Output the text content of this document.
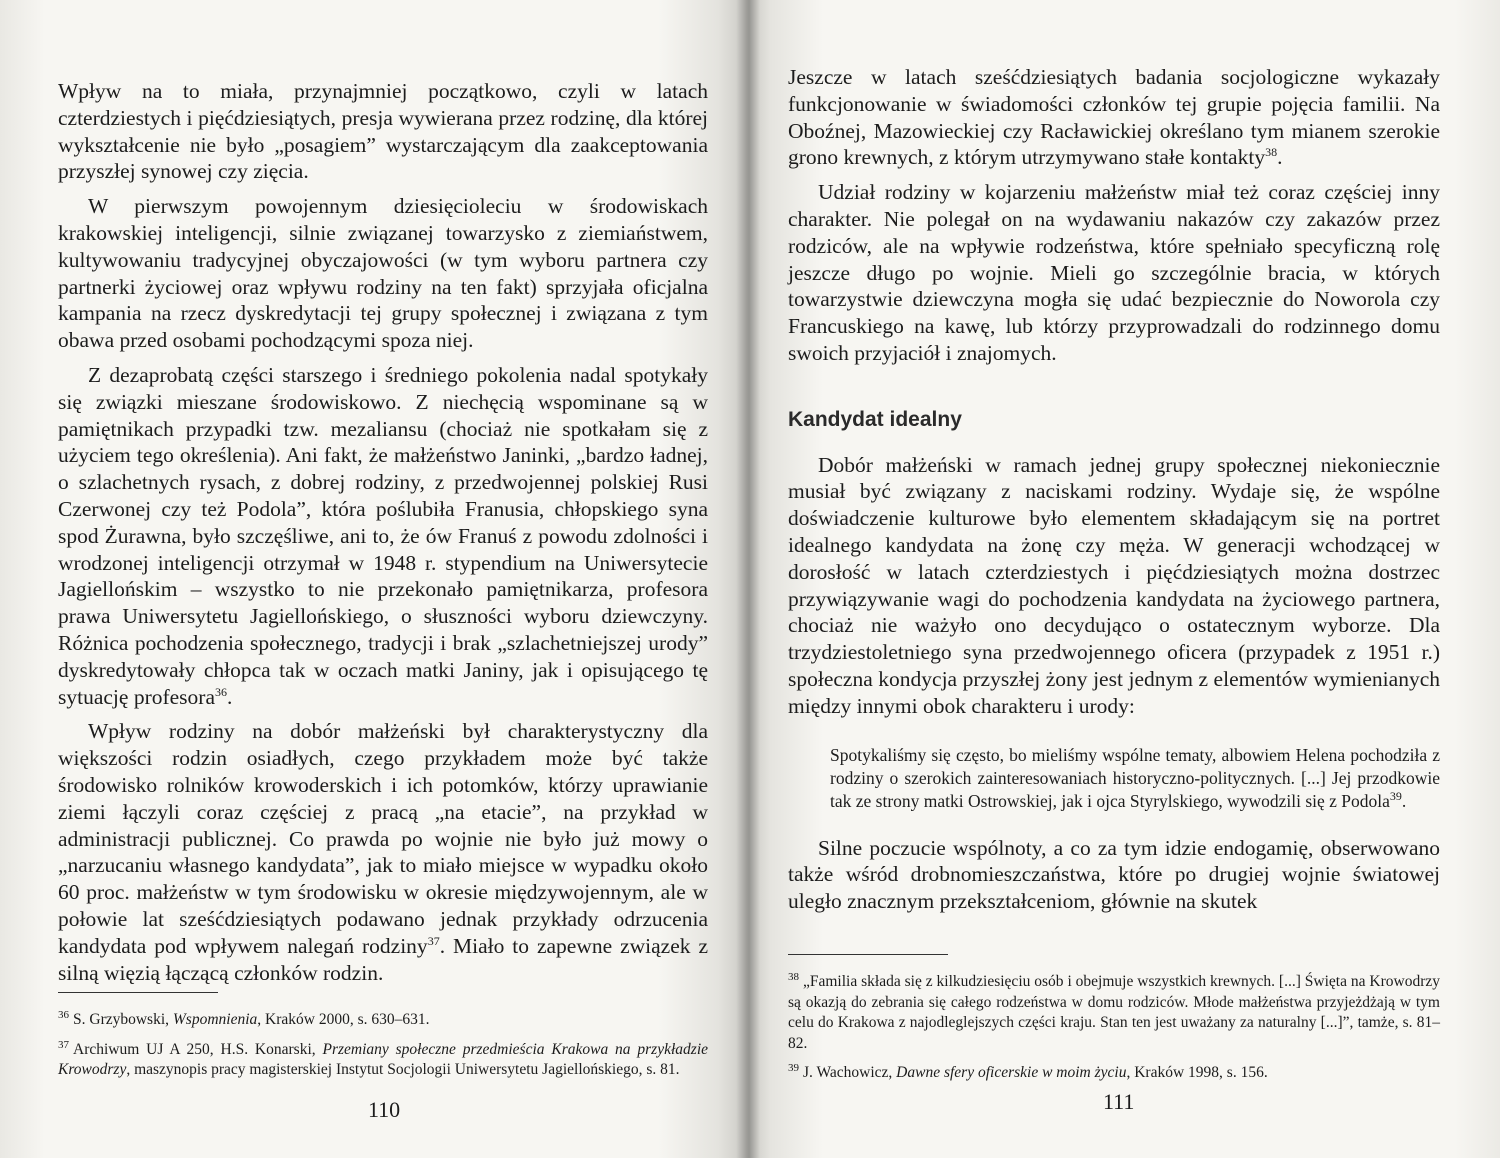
Wpływ na to miała, przynajmniej początkowo, czyli w latach czterdziestych i pięćdziesiątych, presja wywierana przez rodzinę, dla której wykształcenie nie było „posagiem” wystarczającym dla zaakceptowania przyszłej synowej czy zięcia.

W pierwszym powojennym dziesięcioleciu w środowiskach krakowskiej inteligencji, silnie związanej towarzysko z ziemiaństwem, kultywowaniu tradycyjnej obyczajowości (w tym wyboru partnera czy partnerki życiowej oraz wpływu rodziny na ten fakt) sprzyjała oficjalna kampania na rzecz dyskredytacji tej grupy społecznej i związana z tym obawa przed osobami pochodzącymi spoza niej.

Z dezaprobatą części starszego i średniego pokolenia nadal spotykały się związki mieszane środowiskowo. Z niechęcią wspominane są w pamiętnikach przypadki tzw. mezaliansu (chociaż nie spotkałam się z użyciem tego określenia). Ani fakt, że małżeństwo Janinki, „bardzo ładnej, o szlachetnych rysach, z dobrej rodziny, z przedwojennej polskiej Rusi Czerwonej czy też Podola”, która poślubiła Franusia, chłopskiego syna spod Żurawna, było szczęśliwe, ani to, że ów Franuś z powodu zdolności i wrodzonej inteligencji otrzymał w 1948 r. stypendium na Uniwersytecie Jagiellońskim – wszystko to nie przekonało pamiętnikarza, profesora prawa Uniwersytetu Jagiellońskiego, o słuszności wyboru dziewczyny. Różnica pochodzenia społecznego, tradycji i brak „szlachetniejszej urody” dyskredytowały chłopca tak w oczach matki Janiny, jak i opisującego tę sytuację profesora$^{36}$.

Wpływ rodziny na dobór małżeński był charakterystyczny dla większości rodzin osiadłych, czego przykładem może być także środowisko rolników krowoderskich i ich potomków, którzy uprawianie ziemi łączyli coraz częściej z pracą „na etacie”, na przykład w administracji publicznej. Co prawda po wojnie nie było już mowy o „narzucaniu własnego kandydata”, jak to miało miejsce w wypadku około 60 proc. małżeństw w tym środowisku w okresie międzywojennym, ale w połowie lat sześćdziesiątych podawano jednak przykłady odrzucenia kandydata pod wpływem nalegań rodziny$^{37}$. Miało to zapewne związek z silną więzią łączącą członków rodzin.

$^{36}$ S. Grzybowski, Wspomnienia, Kraków 2000, s. 630–631.

$^{37}$ Archiwum UJ A 250, H.S. Konarski, Przemiany społeczne przedmieścia Krakowa na przykładzie Krowodrzy, maszynopis pracy magisterskiej Instytut Socjologii Uniwersytetu Jagiellońskiego, s. 81.

110

Jeszcze w latach sześćdziesiątych badania socjologiczne wykazały funkcjonowanie w świadomości członków tej grupie pojęcia familii. Na Oboźnej, Mazowieckiej czy Racławickiej określano tym mianem szerokie grono krewnych, z którym utrzymywano stałe kontakty$^{38}$.

Udział rodziny w kojarzeniu małżeństw miał też coraz częściej inny charakter. Nie polegał on na wydawaniu nakazów czy zakazów przez rodziców, ale na wpływie rodzeństwa, które spełniało specyficzną rolę jeszcze długo po wojnie. Mieli go szczególnie bracia, w których towarzystwie dziewczyna mogła się udać bezpiecznie do Noworola czy Francuskiego na kawę, lub którzy przyprowadzali do rodzinnego domu swoich przyjaciół i znajomych.

Kandydat idealny

Dobór małżeński w ramach jednej grupy społecznej niekoniecznie musiał być związany z naciskami rodziny. Wydaje się, że wspólne doświadczenie kulturowe było elementem składającym się na portret idealnego kandydata na żonę czy męża. W generacji wchodzącej w dorosłość w latach czterdziestych i pięćdziesiątych można dostrzec przywiązywanie wagi do pochodzenia kandydata na życiowego partnera, chociaż nie ważyło ono decydująco o ostatecznym wyborze. Dla trzydziestoletniego syna przedwojennego oficera (przypadek z 1951 r.) społeczna kondycja przyszłej żony jest jednym z elementów wymienianych między innymi obok charakteru i urody:

Spotykaliśmy się często, bo mieliśmy wspólne tematy, albowiem Helena pochodziła z rodziny o szerokich zainteresowaniach historyczno-politycznych. [...] Jej przodkowie tak ze strony matki Ostrowskiej, jak i ojca Styrylskiego, wywodzili się z Podola$^{39}$.

Silne poczucie wspólnoty, a co za tym idzie endogamię, obserwowano także wśród drobnomieszczaństwa, które po drugiej wojnie światowej uległo znacznym przekształceniom, głównie na skutek

$^{38}$ „Familia składa się z kilkudziesięciu osób i obejmuje wszystkich krewnych. [...] Święta na Krowodrzy są okazją do zebrania się całego rodzeństwa w domu rodziców. Młode małżeństwa przyjeżdżają w tym celu do Krakowa z najodleglejszych części kraju. Stan ten jest uważany za naturalny [...]”, tamże, s. 81–82.

$^{39}$ J. Wachowicz, Dawne sfery oficerskie w moim życiu, Kraków 1998, s. 156.

111
